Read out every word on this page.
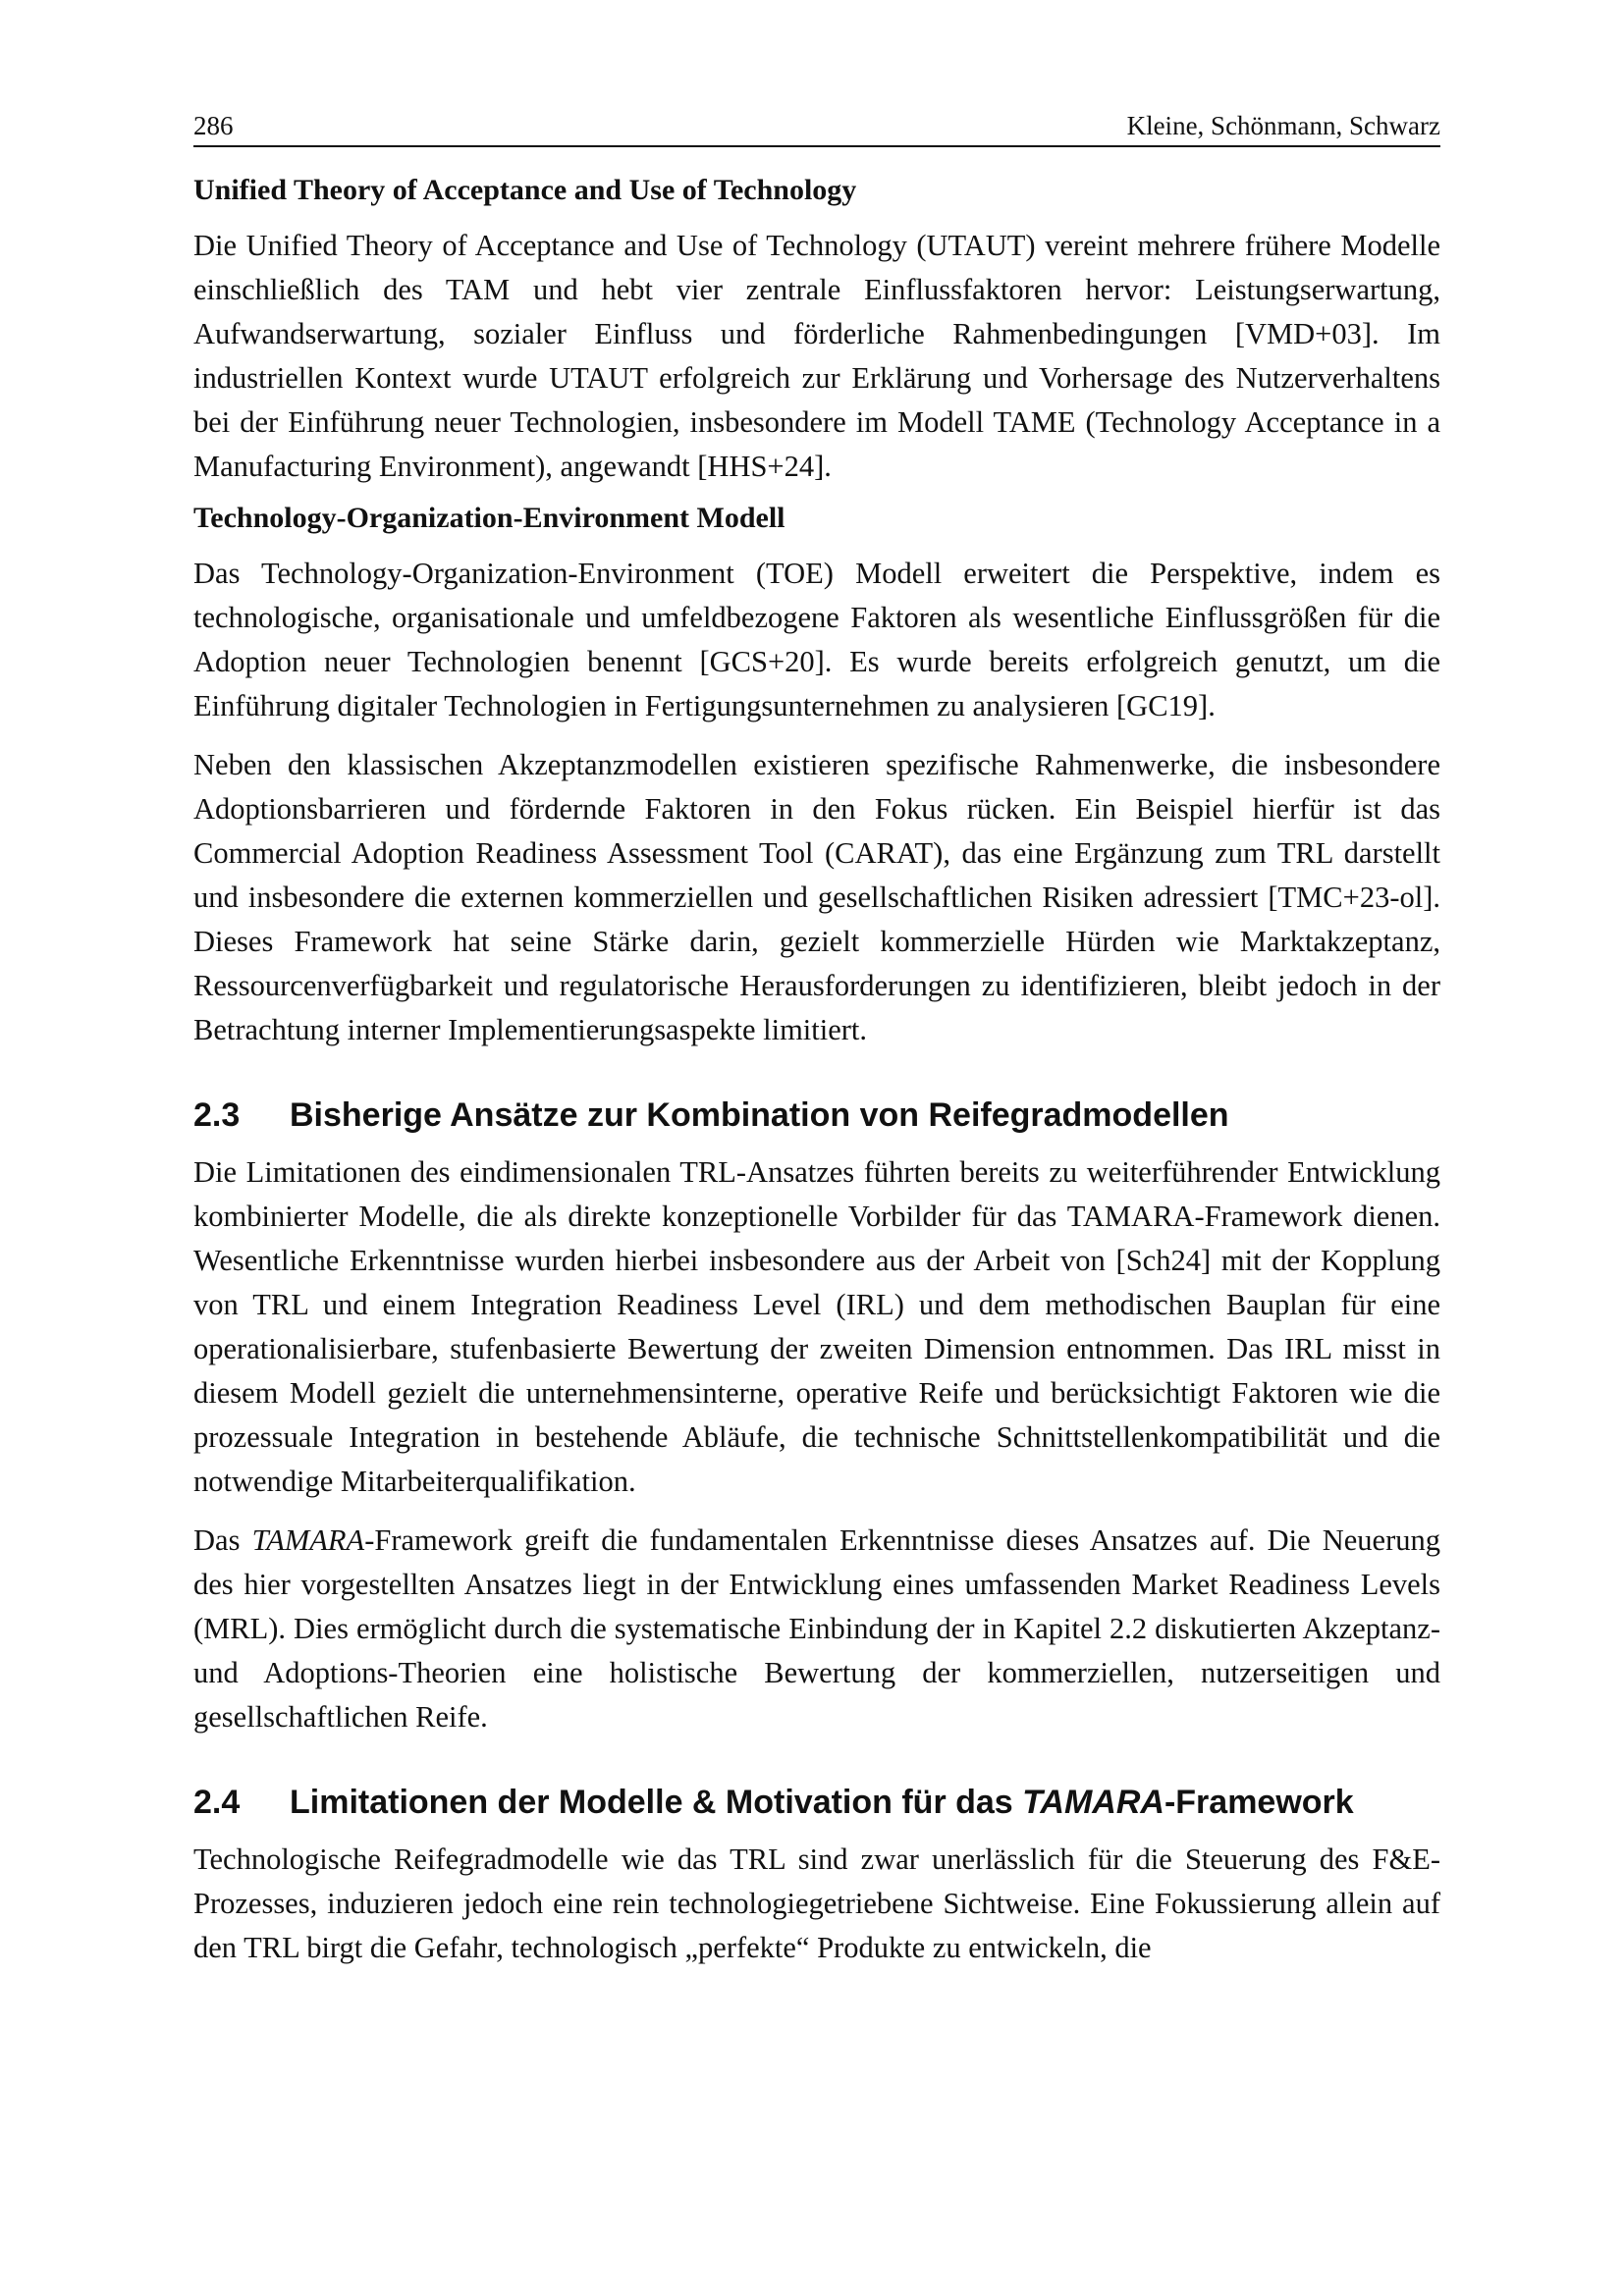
286	Kleine, Schönmann, Schwarz
Unified Theory of Acceptance and Use of Technology

Die Unified Theory of Acceptance and Use of Technology (UTAUT) vereint mehrere frühere Modelle einschließlich des TAM und hebt vier zentrale Einflussfaktoren hervor: Leistungserwartung, Aufwandserwartung, sozialer Einfluss und förderliche Rahmenbedingungen [VMD+03]. Im industriellen Kontext wurde UTAUT erfolgreich zur Erklärung und Vorhersage des Nutzerverhaltens bei der Einführung neuer Technologien, insbesondere im Modell TAME (Technology Acceptance in a Manufacturing Environment), angewandt [HHS+24].

Technology-Organization-Environment Modell

Das Technology-Organization-Environment (TOE) Modell erweitert die Perspektive, indem es technologische, organisationale und umfeldbezogene Faktoren als wesentliche Einflussgrößen für die Adoption neuer Technologien benennt [GCS+20]. Es wurde bereits erfolgreich genutzt, um die Einführung digitaler Technologien in Fertigungsunternehmen zu analysieren [GC19].

Neben den klassischen Akzeptanzmodellen existieren spezifische Rahmenwerke, die insbesondere Adoptionsbarrieren und fördernde Faktoren in den Fokus rücken. Ein Beispiel hierfür ist das Commercial Adoption Readiness Assessment Tool (CARAT), das eine Ergänzung zum TRL darstellt und insbesondere die externen kommerziellen und gesellschaftlichen Risiken adressiert [TMC+23-ol]. Dieses Framework hat seine Stärke darin, gezielt kommerzielle Hürden wie Marktakzeptanz, Ressourcenverfügbarkeit und regulatorische Herausforderungen zu identifizieren, bleibt jedoch in der Betrachtung interner Implementierungsaspekte limitiert.

2.3	Bisherige Ansätze zur Kombination von Reifegradmodellen

Die Limitationen des eindimensionalen TRL-Ansatzes führten bereits zu weiterführender Entwicklung kombinierter Modelle, die als direkte konzeptionelle Vorbilder für das TAMARA-Framework dienen. Wesentliche Erkenntnisse wurden hierbei insbesondere aus der Arbeit von [Sch24] mit der Kopplung von TRL und einem Integration Readiness Level (IRL) und dem methodischen Bauplan für eine operationalisierbare, stufenbasierte Bewertung der zweiten Dimension entnommen. Das IRL misst in diesem Modell gezielt die unternehmensinterne, operative Reife und berücksichtigt Faktoren wie die prozessuale Integration in bestehende Abläufe, die technische Schnittstellenkompatibilität und die notwendige Mitarbeiterqualifikation.

Das TAMARA-Framework greift die fundamentalen Erkenntnisse dieses Ansatzes auf. Die Neuerung des hier vorgestellten Ansatzes liegt in der Entwicklung eines umfassenden Market Readiness Levels (MRL). Dies ermöglicht durch die systematische Einbindung der in Kapitel 2.2 diskutierten Akzeptanz- und Adoptions-Theorien eine holistische Bewertung der kommerziellen, nutzerseitigen und gesellschaftlichen Reife.

2.4	Limitationen der Modelle & Motivation für das TAMARA-Framework

Technologische Reifegradmodelle wie das TRL sind zwar unerlässlich für die Steuerung des F&E-Prozesses, induzieren jedoch eine rein technologiegetriebene Sichtweise. Eine Fokussierung allein auf den TRL birgt die Gefahr, technologisch „perfekte“ Produkte zu entwickeln, die
